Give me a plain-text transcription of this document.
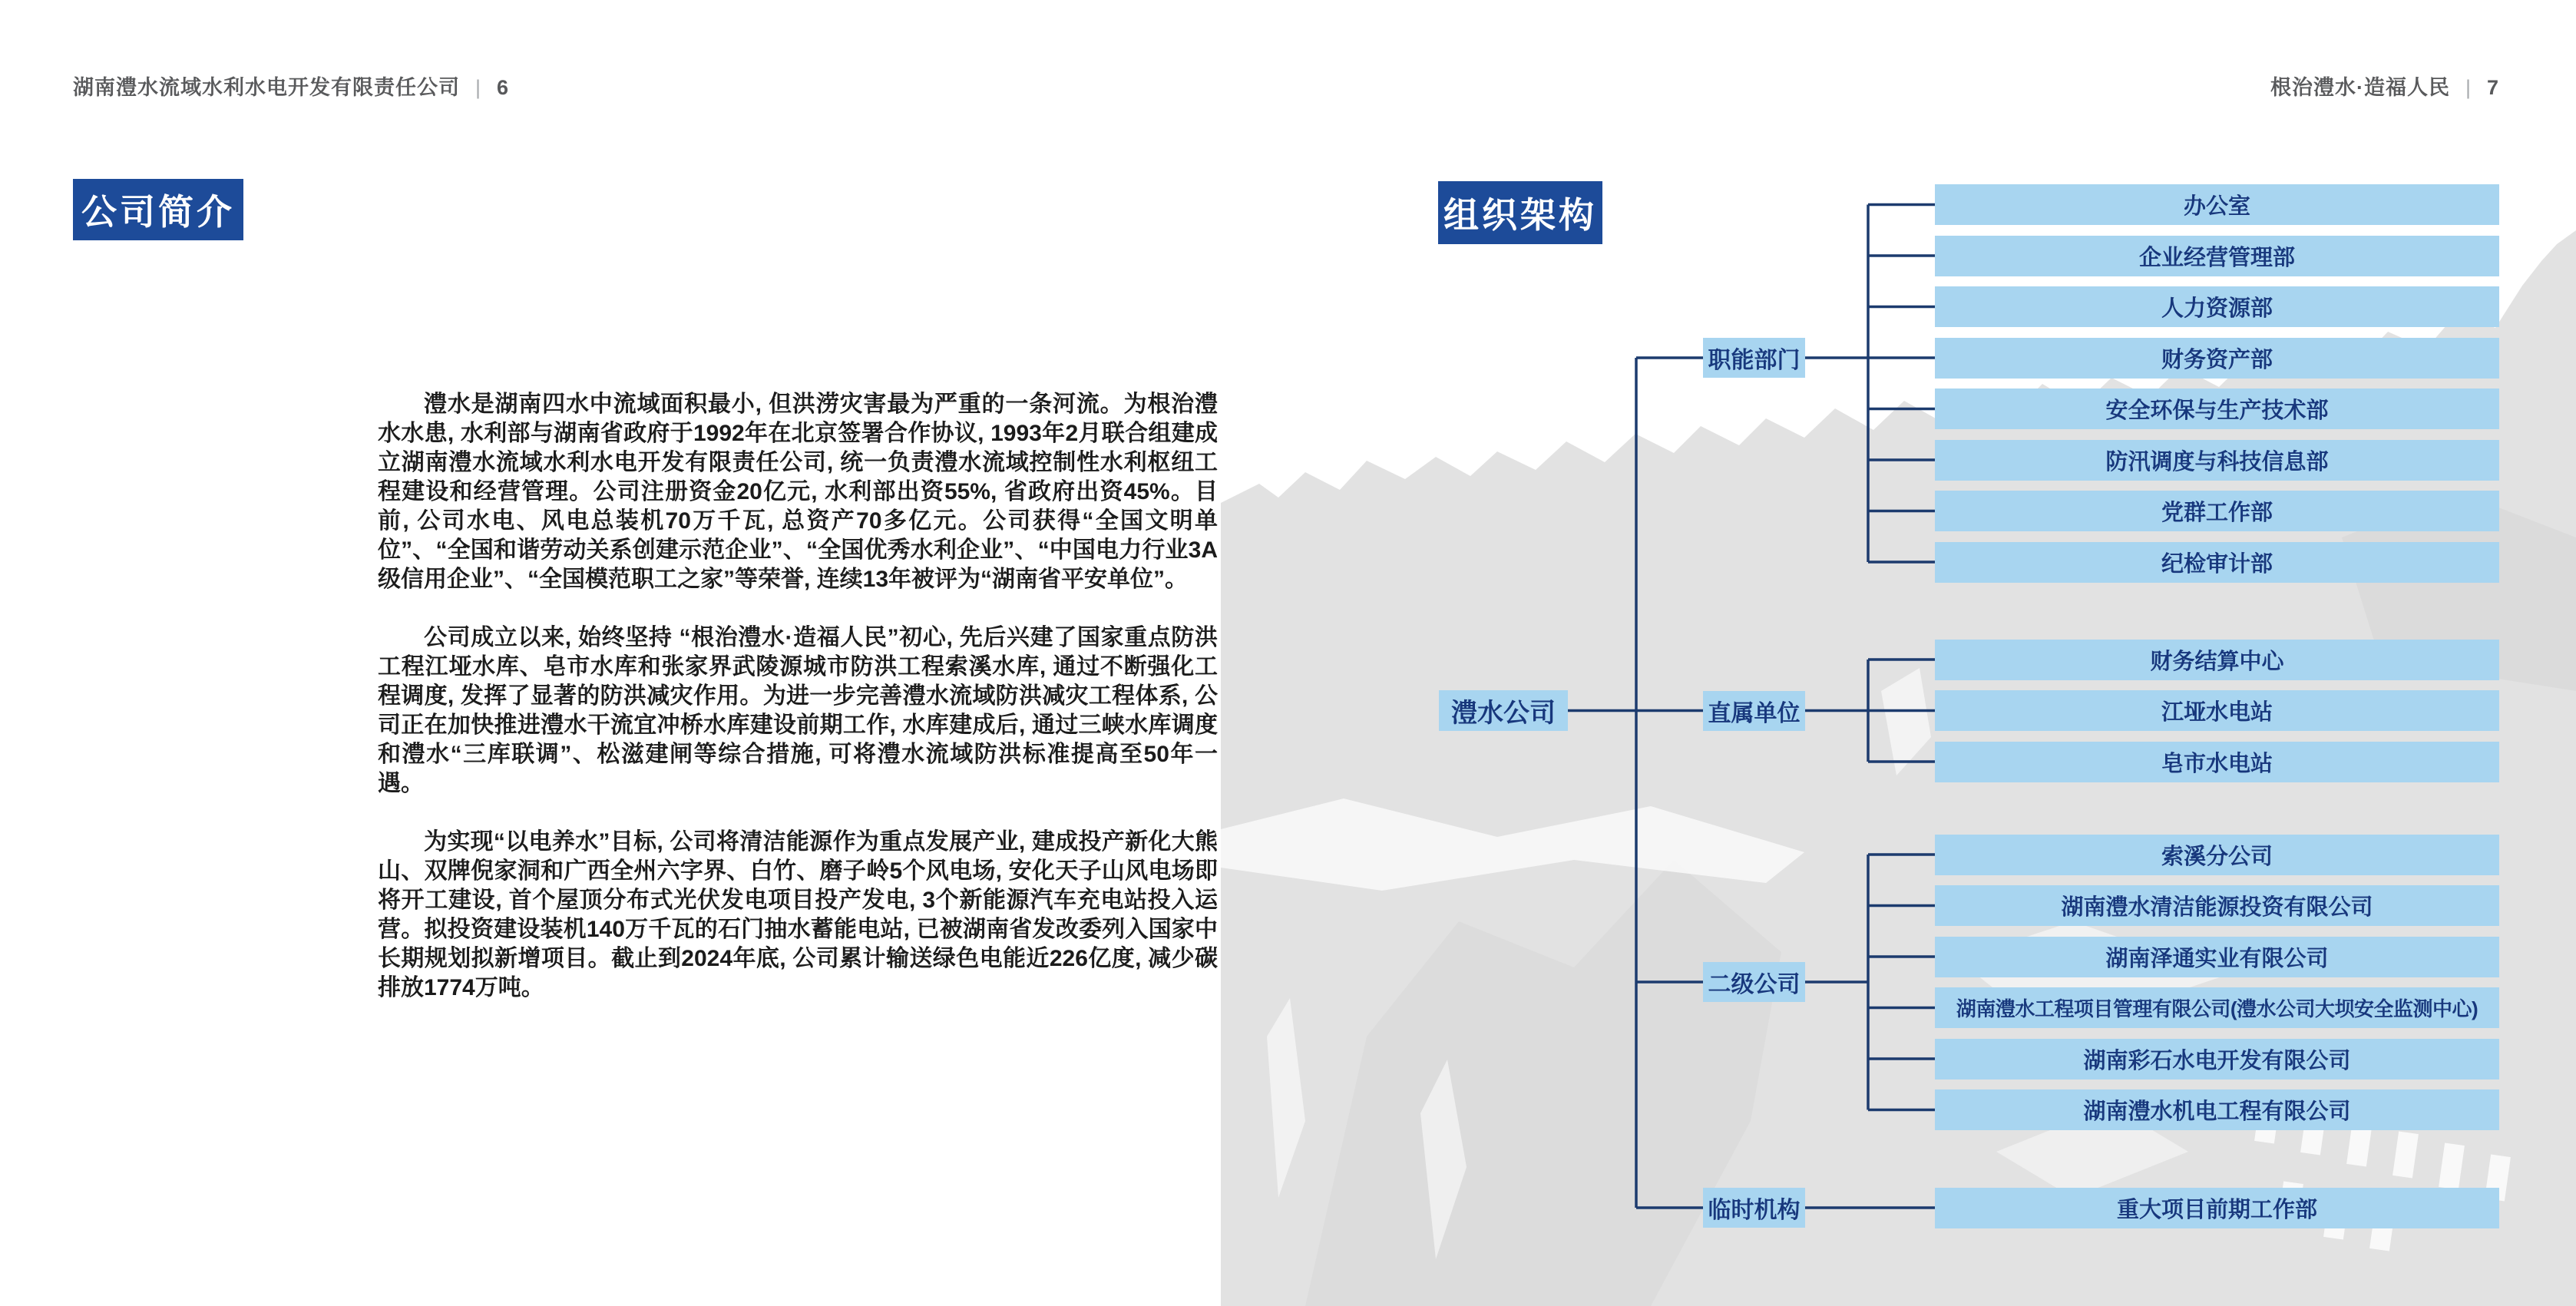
湖南澧水流域水利水电开发有限责任公司 | 6	根治澧水·造福人民 | 7
公司简介

澧水是湖南四水中流域面积最小, 但洪涝灾害最为严重的一条河流。为根治澧水水患, 水利部与湖南省政府于1992年在北京签署合作协议, 1993年2月联合组建成立湖南澧水流域水利水电开发有限责任公司, 统一负责澧水流域控制性水利枢纽工程建设和经营管理。公司注册资金20亿元, 水利部出资55%, 省政府出资45%。目前, 公司水电、风电总装机70万千瓦, 总资产70多亿元。公司获得“全国文明单位”、“全国和谐劳动关系创建示范企业”、“全国优秀水利企业”、“中国电力行业3A级信用企业”、“全国模范职工之家”等荣誉, 连续13年被评为“湖南省平安单位”。

公司成立以来, 始终坚持 “根治澧水·造福人民”初心, 先后兴建了国家重点防洪工程江垭水库、皂市水库和张家界武陵源城市防洪工程索溪水库, 通过不断强化工程调度, 发挥了显著的防洪减灾作用。为进一步完善澧水流域防洪减灾工程体系, 公司正在加快推进澧水干流宜冲桥水库建设前期工作, 水库建成后, 通过三峡水库调度和澧水“三库联调”、松滋建闸等综合措施, 可将澧水流域防洪标准提高至50年一遇。

为实现“以电养水”目标, 公司将清洁能源作为重点发展产业, 建成投产新化大熊山、双牌倪家洞和广西全州六字界、白竹、磨子岭5个风电场, 安化天子山风电场即将开工建设, 首个屋顶分布式光伏发电项目投产发电, 3个新能源汽车充电站投入运营。拟投资建设装机140万千瓦的石门抽水蓄能电站, 已被湖南省发改委列入国家中长期规划拟新增项目。截止到2024年底, 公司累计输送绿色电能近226亿度, 减少碳排放1774万吨。

组织架构
澧水公司
职能部门
办公室
企业经营管理部
人力资源部
财务资产部
安全环保与生产技术部
防汛调度与科技信息部
党群工作部
纪检审计部
直属单位
财务结算中心
江垭水电站
皂市水电站
二级公司
索溪分公司
湖南澧水清洁能源投资有限公司
湖南泽通实业有限公司
湖南澧水工程项目管理有限公司(澧水公司大坝安全监测中心)
湖南彩石水电开发有限公司
湖南澧水机电工程有限公司
临时机构	重大项目前期工作部
